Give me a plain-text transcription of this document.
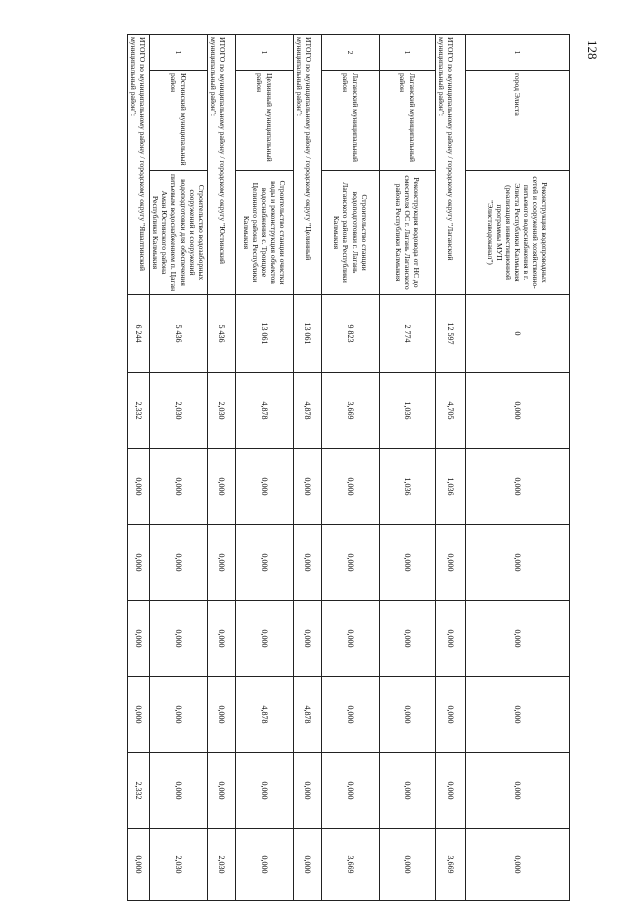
128
1	город Элиста	Реконструкция водопроводных сетей и сооружений хозяйственно-питьевого водоснабжения в г. Элиста Республики Калмыкия (реализация инвестиционной программы МУП "Элиставодоканал")	0	0,000	0,000	0,000	0,000	0,000	0,000	0,000
ИТОГО по муниципальному району / городскому округу "Лаганский муниципальный район":			12 597	4,705	1,036	0,000	0,000	0,000	0,000	3,669
1	Лаганский муниципальный район	Реконструкция водовода от НС до смесителя ОС г. Лагань Лаганского района Республики Калмыкия	2 774	1,036	1,036	0,000	0,000	0,000	0,000	0,000
2	Лаганский муниципальный район	Строительство станции водоподготовки г. Лагань Лаганского района Республики Калмыкия	9 823	3,669	0,000	0,000	0,000	0,000	0,000	3,669
ИТОГО по муниципальному району / городскому округу "Целинный муниципальный район":			13 061	4,878	0,000	0,000	0,000	4,878	0,000	0,000
1	Целинный муниципальный район	Строительство станции очистки воды и реконструкция объектов водоснабжения с. Троицкое Целинного района Республики Калмыкия	13 061	4,878	0,000	0,000	0,000	4,878	0,000	0,000
ИТОГО по муниципальному району / городскому округу "Юстинский муниципальный район":			5 436	2,030	0,000	0,000	0,000	0,000	0,000	2,030
1	Юстинский муниципальный район	Строительство водозаборных сооружений и сооружений водоподготовки для обеспечения питьевым водоснабжением п. Цаган Аман Юстинского района Республики Калмыкия	5 436	2,030	0,000	0,000	0,000	0,000	0,000	2,030
ИТОГО по муниципальному району / городскому округу "Яшалтинский муниципальный район":			6 244	2,332	0,000	0,000	0,000	0,000	2,332	0,000
